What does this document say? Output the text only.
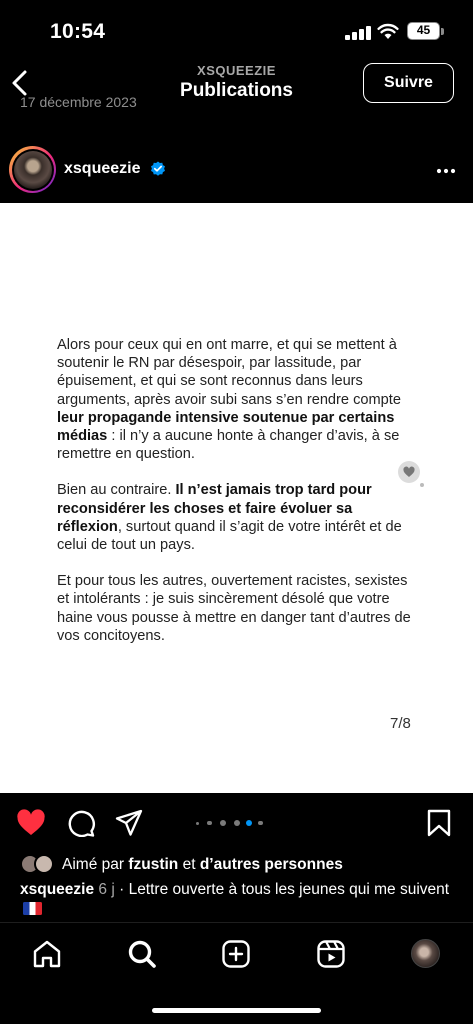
10:54	45
XSQUEEZIE
Publications	Suivre
17 décembre 2023
xsqueezie

Alors pour ceux qui en ont marre, et qui se mettent à soutenir le RN par désespoir, par lassitude, par épuisement, et qui se sont reconnus dans leurs arguments, après avoir subi sans s’en rendre compte leur propagande intensive soutenue par certains médias : il n’y a aucune honte à changer d’avis, à se remettre en question.

Bien au contraire. Il n’est jamais trop tard pour reconsidérer les choses et faire évoluer sa réflexion, surtout quand il s’agit de votre intérêt et de celui de tout un pays.

Et pour tous les autres, ouvertement racistes, sexistes et intolérants : je suis sincèrement désolé que votre haine vous pousse à mettre en danger tant d’autres de vos concitoyens.

7/8
Aimé par fzustin et d’autres personnes
xsqueezie 6 j · Lettre ouverte à tous les jeunes qui me suivent
